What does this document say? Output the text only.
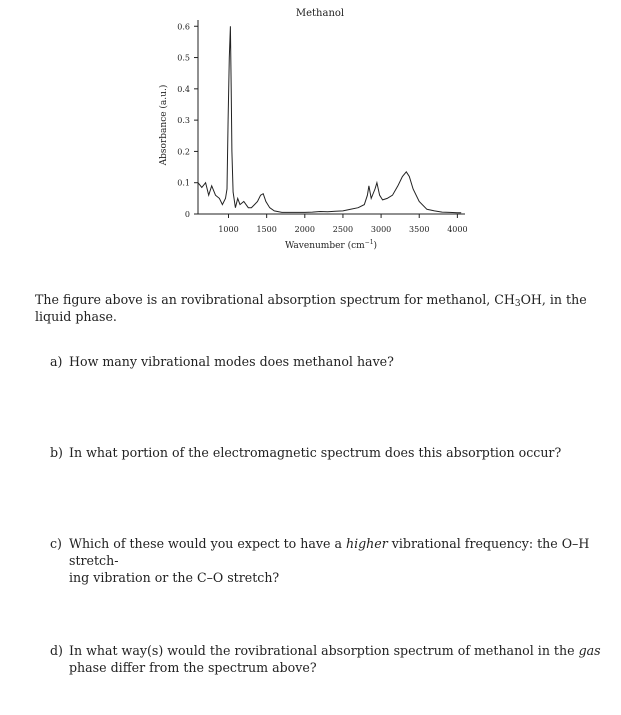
Methanol
Absorbance (a.u.)
0
0.1
0.2
0.3
0.4
0.5
0.6
1000 1500 2000 2500 3000 3500 4000
Wavenumber $(cm^{-1})$

The figure above is an rovibrational absorption spectrum for methanol, $CH_3OH$, in the liquid phase.

a) How many vibrational modes does methanol have?

b) In what portion of the electromagnetic spectrum does this absorption occur?

c) Which of these would you expect to have a higher vibrational frequency: the O–H stretch-
ing vibration or the C–O stretch?

d) In what way(s) would the rovibrational absorption spectrum of methanol in the gas phase differ from the spectrum above?
